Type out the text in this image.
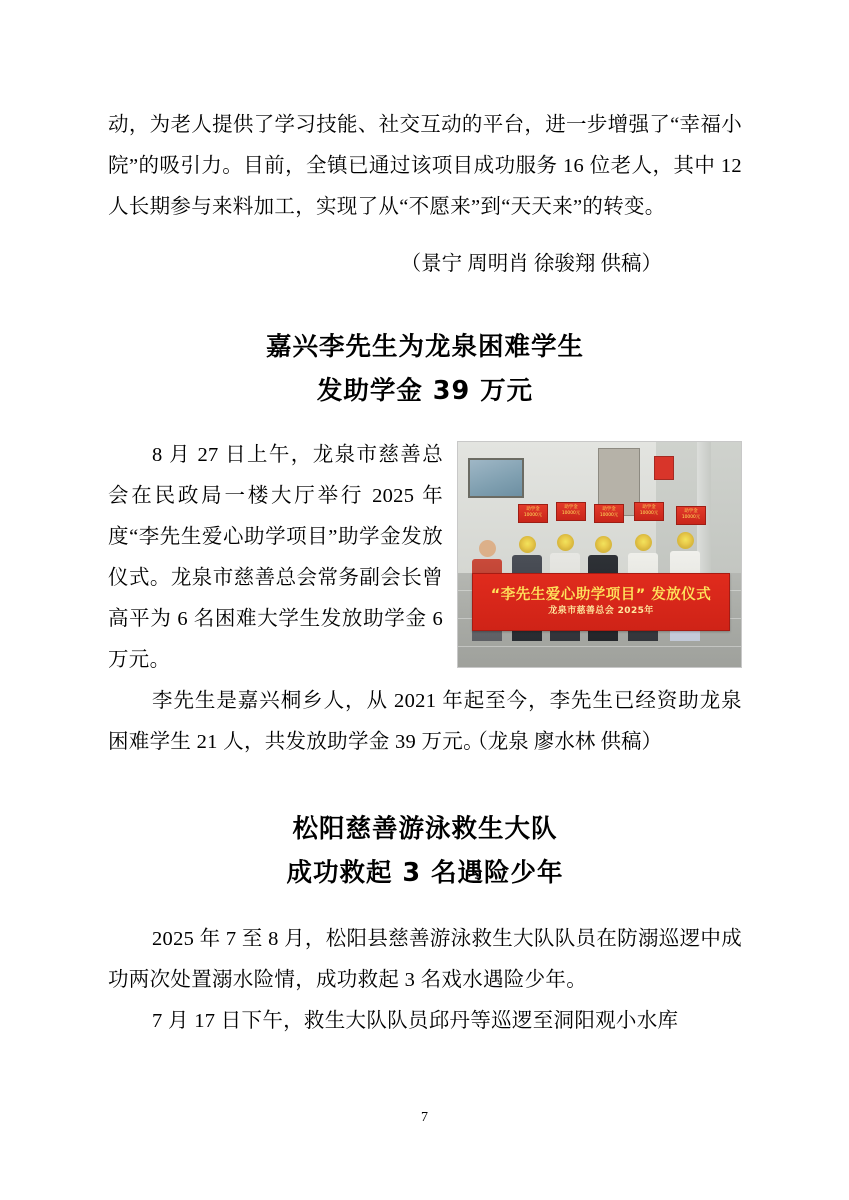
动，为老人提供了学习技能、社交互动的平台，进一步增强了“幸福小院”的吸引力。目前，全镇已通过该项目成功服务 16 位老人，其中 12 人长期参与来料加工，实现了从“不愿来”到“天天来”的转变。

（景宁 周明肖 徐骏翔 供稿）
嘉兴李先生为龙泉困难学生
发助学金 39 万元
助学金 10000元
助学金 10000元
助学金 10000元
助学金 10000元	助学金 10000元
“李先生爱心助学项目” 发放仪式
龙泉市慈善总会 2025年

8 月 27 日上午，龙泉市慈善总会在民政局一楼大厅举行 2025 年度“李先生爱心助学项目”助学金发放仪式。龙泉市慈善总会常务副会长曾高平为 6 名困难大学生发放助学金 6 万元。

李先生是嘉兴桐乡人，从 2021 年起至今，李先生已经资助龙泉困难学生 21 人，共发放助学金 39 万元。

（龙泉 廖水林 供稿）
松阳慈善游泳救生大队
成功救起 3 名遇险少年

2025 年 7 至 8 月，松阳县慈善游泳救生大队队员在防溺巡逻中成功两次处置溺水险情，成功救起 3 名戏水遇险少年。

7 月 17 日下午，救生大队队员邱丹等巡逻至洞阳观小水库

7
